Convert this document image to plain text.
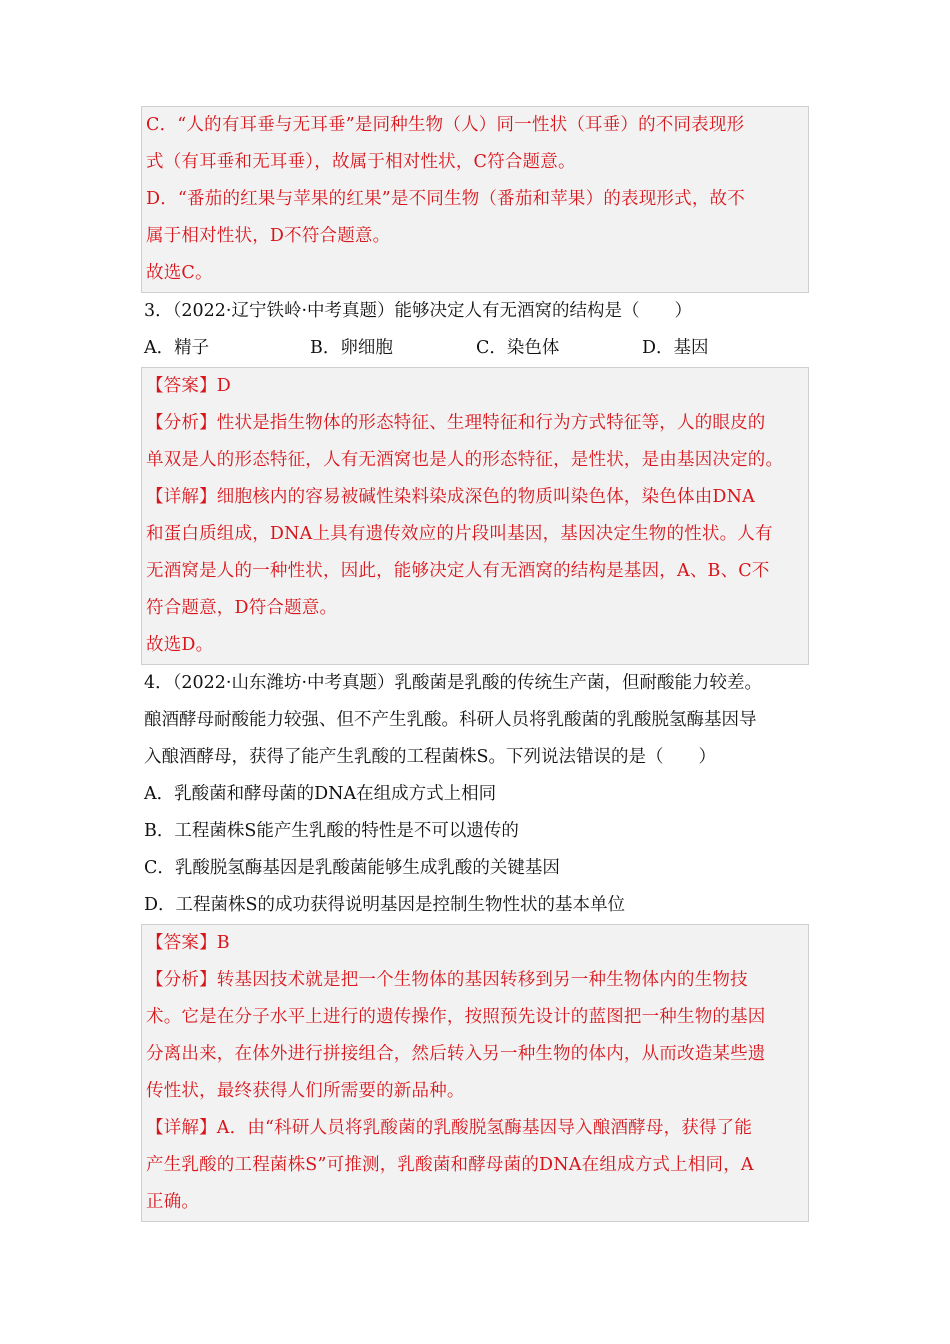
C．“人的有耳垂与无耳垂”是同种生物（人）同一性状（耳垂）的不同表现形
式（有耳垂和无耳垂），故属于相对性状，C符合题意。
D．“番茄的红果与苹果的红果”是不同生物（番茄和苹果）的表现形式，故不
属于相对性状，D不符合题意。
故选C。
3．（2022·辽宁铁岭·中考真题）能够决定人有无酒窝的结构是（　　）
A．精子	B．卵细胞	C．染色体	D．基因
【答案】D
【分析】性状是指生物体的形态特征、生理特征和行为方式特征等，人的眼皮的
单双是人的形态特征，人有无酒窝也是人的形态特征，是性状，是由基因决定的。
【详解】细胞核内的容易被碱性染料染成深色的物质叫染色体，染色体由DNA
和蛋白质组成，DNA上具有遗传效应的片段叫基因，基因决定生物的性状。人有
无酒窝是人的一种性状，因此，能够决定人有无酒窝的结构是基因，A、B、C不
符合题意，D符合题意。
故选D。
4．（2022·山东潍坊·中考真题）乳酸菌是乳酸的传统生产菌，但耐酸能力较差。
酿酒酵母耐酸能力较强、但不产生乳酸。科研人员将乳酸菌的乳酸脱氢酶基因导
入酿酒酵母，获得了能产生乳酸的工程菌株S。下列说法错误的是（　　）
A．乳酸菌和酵母菌的DNA在组成方式上相同
B．工程菌株S能产生乳酸的特性是不可以遗传的
C．乳酸脱氢酶基因是乳酸菌能够生成乳酸的关键基因
D．工程菌株S的成功获得说明基因是控制生物性状的基本单位
【答案】B
【分析】转基因技术就是把一个生物体的基因转移到另一种生物体内的生物技
术。它是在分子水平上进行的遗传操作，按照预先设计的蓝图把一种生物的基因
分离出来，在体外进行拼接组合，然后转入另一种生物的体内，从而改造某些遗
传性状，最终获得人们所需要的新品种。
【详解】A．由“科研人员将乳酸菌的乳酸脱氢酶基因导入酿酒酵母，获得了能
产生乳酸的工程菌株S”可推测，乳酸菌和酵母菌的DNA在组成方式上相同，A
正确。
